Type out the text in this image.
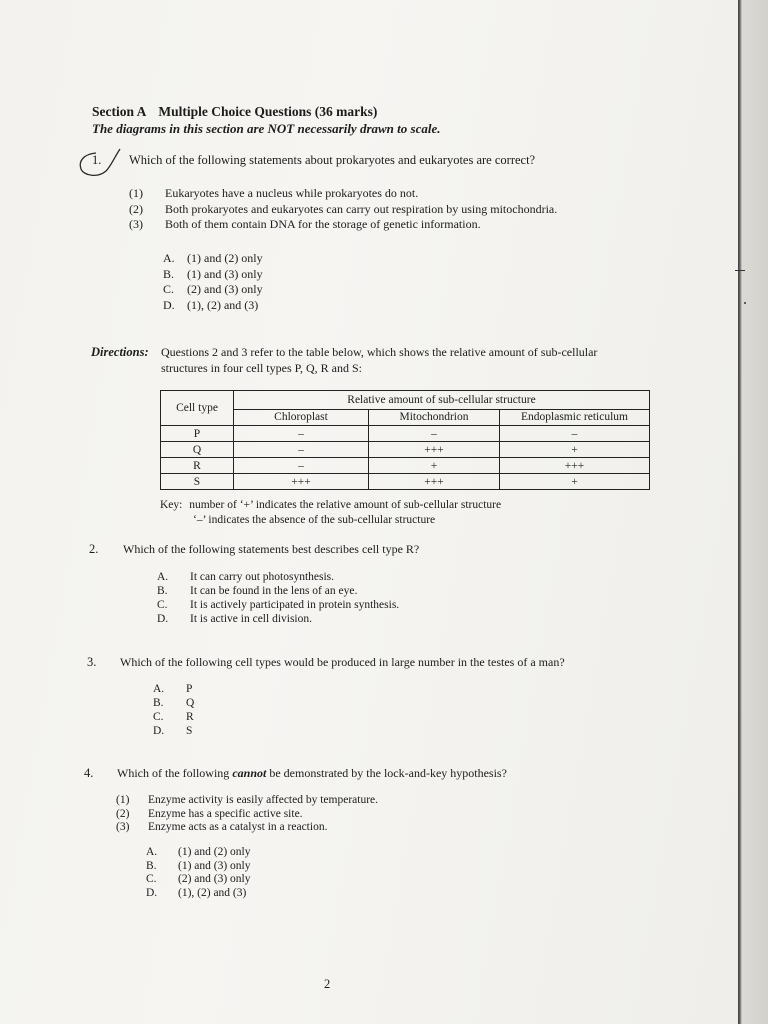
Section A Multiple Choice Questions (36 marks)
The diagrams in this section are NOT necessarily drawn to scale.
1. Which of the following statements about prokaryotes and eukaryotes are correct?
(1) Eukaryotes have a nucleus while prokaryotes do not.
(2) Both prokaryotes and eukaryotes can carry out respiration by using mitochondria.
(3) Both of them contain DNA for the storage of genetic information.
A. (1) and (2) only
B. (1) and (3) only
C. (2) and (3) only
D. (1), (2) and (3)
Directions: Questions 2 and 3 refer to the table below, which shows the relative amount of sub-cellular
structures in four cell types P, Q, R and S:
Cell type	Relative amount of sub-cellular structure		
	Chloroplast	Mitochondrion	Endoplasmic reticulum
P	–	–	–
Q	–	+++	+
R	–	+	+++
S	+++	+++	+
Key: number of ‘+’ indicates the relative amount of sub-cellular structure
‘–’ indicates the absence of the sub-cellular structure
2. Which of the following statements best describes cell type R?
A. It can carry out photosynthesis.
B. It can be found in the lens of an eye.
C. It is actively participated in protein synthesis.
D. It is active in cell division.
3. Which of the following cell types would be produced in large number in the testes of a man?
A. P
B. Q
C. R
D. S
4. Which of the following cannot be demonstrated by the lock-and-key hypothesis?
(1) Enzyme activity is easily affected by temperature.
(2) Enzyme has a specific active site.
(3) Enzyme acts as a catalyst in a reaction.
A. (1) and (2) only
B. (1) and (3) only
C. (2) and (3) only
D. (1), (2) and (3)
2
